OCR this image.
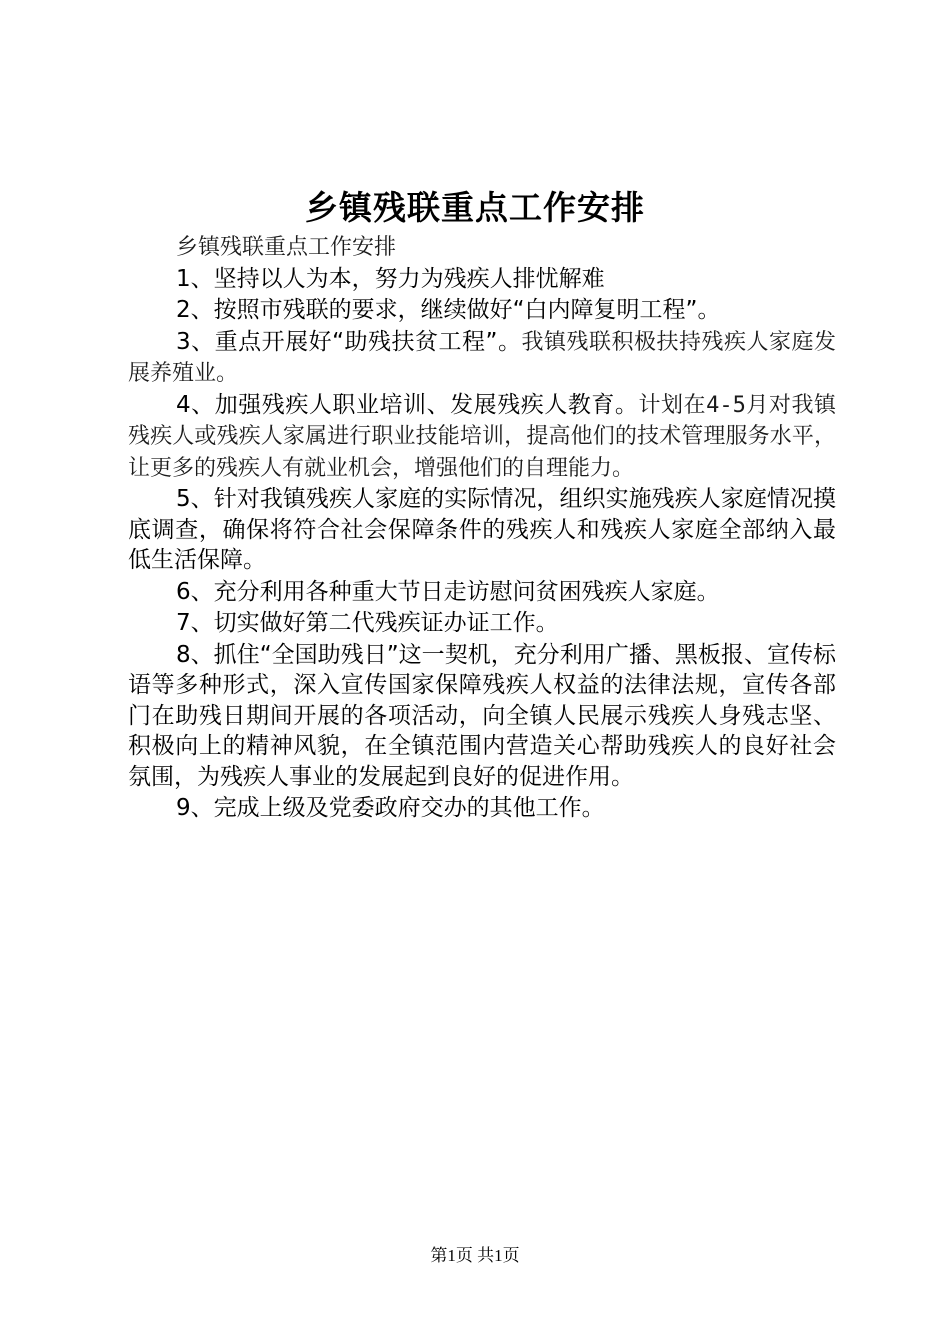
乡镇残联重点工作安排

乡镇残联重点工作安排

1、坚持以人为本，努力为残疾人排忧解难

2、按照市残联的要求，继续做好“白内障复明工程”。

3、重点开展好“助残扶贫工程”。我镇残联积极扶持残疾人家庭发展养殖业。

4、加强残疾人职业培训、发展残疾人教育。计划在4-5月对我镇残疾人或残疾人家属进行职业技能培训，提高他们的技术管理服务水平，让更多的残疾人有就业机会，增强他们的自理能力。

5、针对我镇残疾人家庭的实际情况，组织实施残疾人家庭情况摸底调查，确保将符合社会保障条件的残疾人和残疾人家庭全部纳入最低生活保障。

6、充分利用各种重大节日走访慰问贫困残疾人家庭。

7、切实做好第二代残疾证办证工作。

8、抓住“全国助残日”这一契机，充分利用广播、黑板报、宣传标语等多种形式，深入宣传国家保障残疾人权益的法律法规，宣传各部门在助残日期间开展的各项活动，向全镇人民展示残疾人身残志坚、积极向上的精神风貌，在全镇范围内营造关心帮助残疾人的良好社会氛围，为残疾人事业的发展起到良好的促进作用。

9、完成上级及党委政府交办的其他工作。

第1页 共1页
